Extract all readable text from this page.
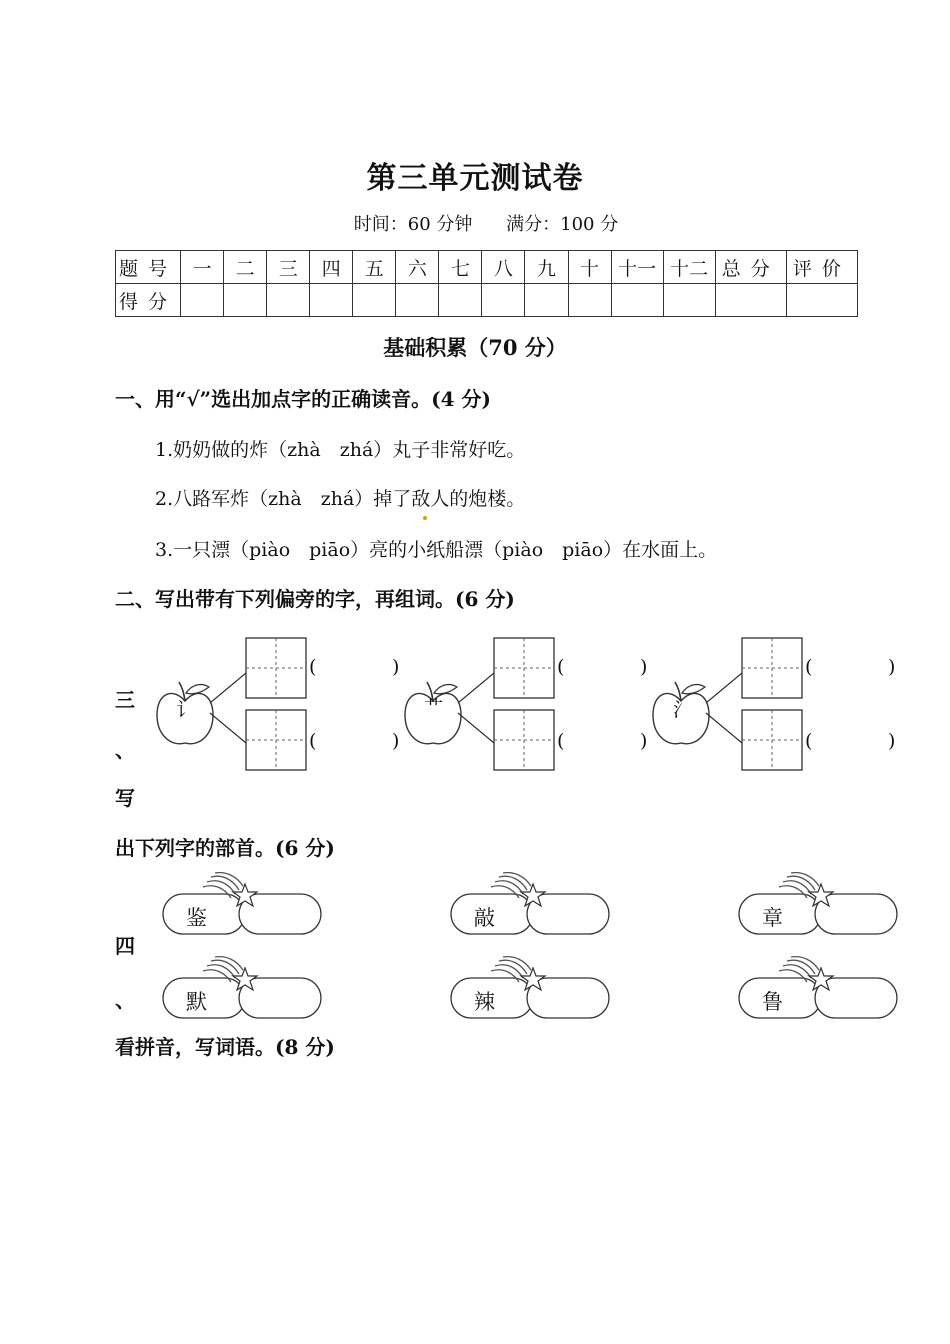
第三单元测试卷
时间：60 分钟 满分：100 分
题号	一	二	三	四	五	六	七	八	九	十	十一	十二	总分	评价
得分														
基础积累（70 分）
一、用“√”选出加点字的正确读音。(4 分)
1.奶奶做的炸（zhà　zhá）丸子非常好吃。
2.八路军炸（zhà　zhá）掉了敌人的炮楼。
3.一只漂（piào　piāo）亮的小纸船漂（piào　piāo）在水面上。
二、写出带有下列偏旁的字，再组词。(6 分)
讠	艹	氵
(	)
(	)
(	)
(	)
(	)
(	)
三
、
写
出下列字的部首。(6 分)
鉴	敲	章
默	辣	鲁
四
、
看拼音，写词语。(8 分)
